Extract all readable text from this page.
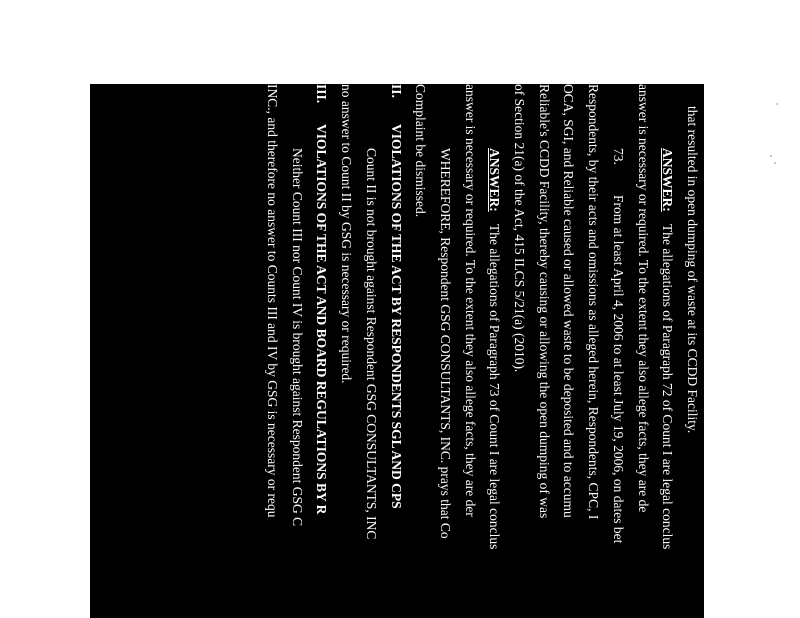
that resulted in open dumping of waste at its CCDD Facility.
ANSWER:
The allegations of Paragraph 72 of Count I are legal conclus
answer is necessary or required. To the extent they also allege facts, they are de
73.
From at least April 4, 2006 to at least July 19, 2006, on dates bet
Respondents, by their acts and omissions as alleged herein, Respondents, CPC, I
OCA, SGI, and Reliable caused or allowed waste to be deposited and to accumu
Reliable's CCDD Facility, thereby causing or allowing the open dumping of was
of Section 21(a) of the Act, 415 ILCS 5/21(a) (2010).
ANSWER:
The allegations of Paragraph 73 of Count I are legal conclus
answer is necessary or required. To the extent they also allege facts, they are der
WHEREFORE, Respondent GSG CONSULTANTS, INC. prays that Co
Complaint be dismissed.
II.
VIOLATIONS OF THE ACT BY RESPONDENTS SGL AND CPS
Count II is not brought against Respondent GSG CONSULTANTS, INC
no answer to Count II by GSG is necessary or required.
III.
VIOLATIONS OF THE ACT AND BOARD REGULATIONS BY R
Neither Count III nor Count IV is brought against Respondent GSG C
INC., and therefore no answer to Counts III and IV by GSG is necessary or requ
